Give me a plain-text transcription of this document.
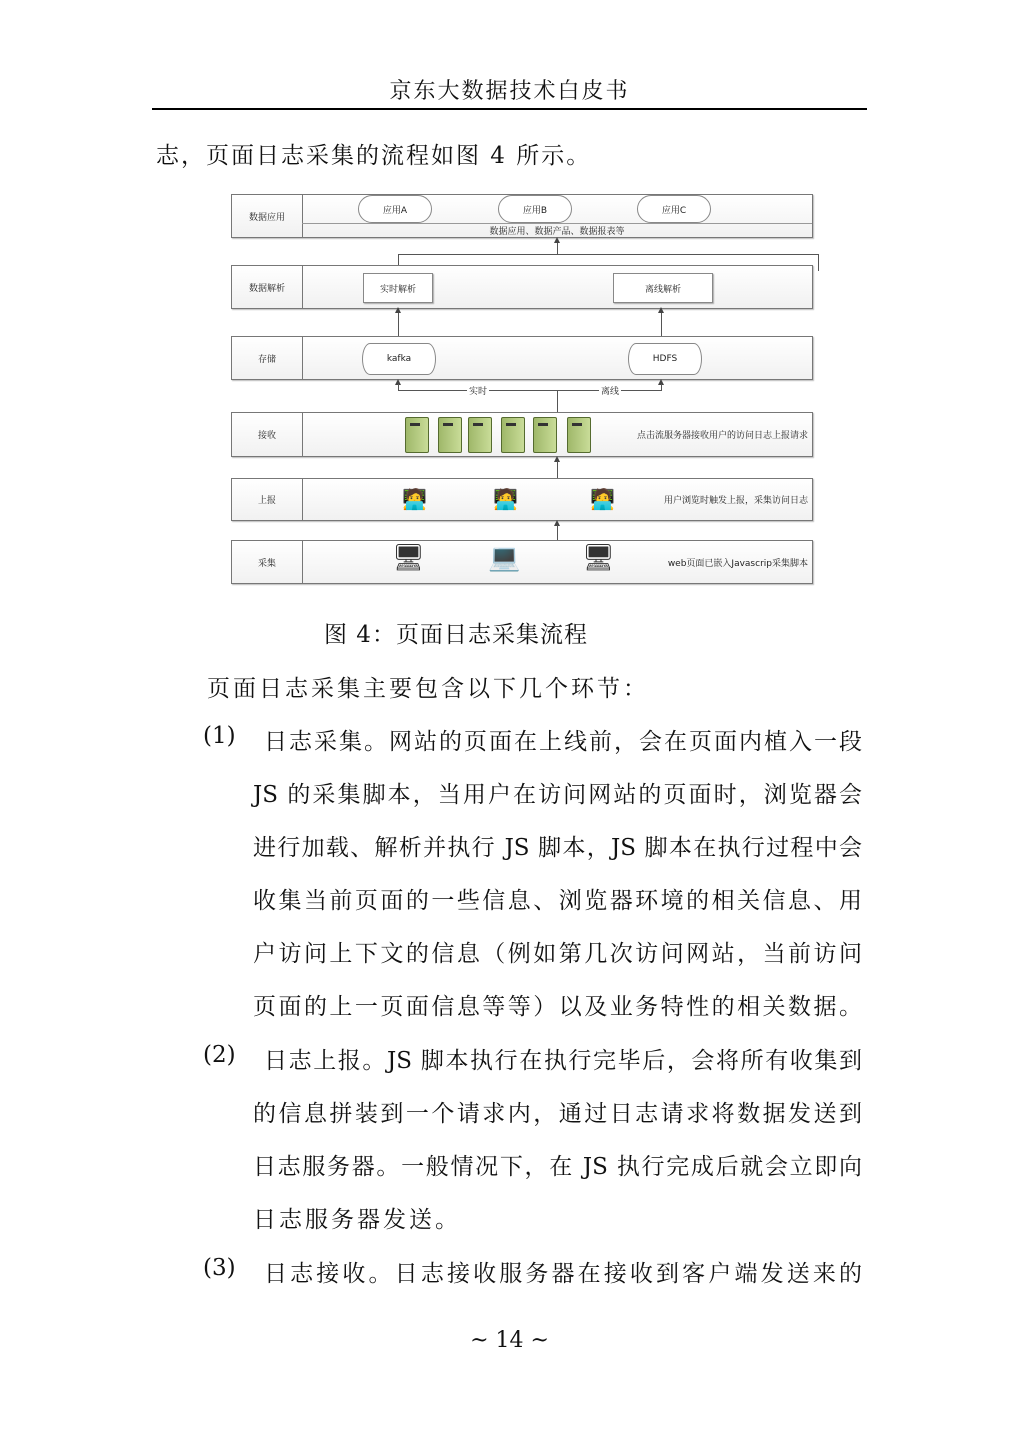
京东大数据技术白皮书
志，页面日志采集的流程如图 4 所示。
数据应用
应用A	应用B	应用C
数据应用、数据产品、数据报表等
数据解析	实时解析	离线解析
存储	kafka	HDFS
实时	离线
接收	点击流服务器接收用户的访问日志上报请求
上报	🧑‍💻	🧑‍💻	🧑‍💻	用户浏览时触发上报，采集访问日志
采集	🖥 💻 🖥	web页面已嵌入Javascrip采集脚本
图 4：页面日志采集流程
页面日志采集主要包含以下几个环节：
(1) 日志采集。网站的页面在上线前，会在页面内植入一段
JS 的采集脚本，当用户在访问网站的页面时，浏览器会
进行加载、解析并执行 JS 脚本，JS 脚本在执行过程中会
收集当前页面的一些信息、浏览器环境的相关信息、用
户访问上下文的信息（例如第几次访问网站，当前访问
页面的上一页面信息等等）以及业务特性的相关数据。
(2) 日志上报。JS 脚本执行在执行完毕后，会将所有收集到
的信息拼装到一个请求内，通过日志请求将数据发送到
日志服务器。一般情况下，在 JS 执行完成后就会立即向
日志服务器发送。
(3) 日志接收。日志接收服务器在接收到客户端发送来的
~ 14 ~
